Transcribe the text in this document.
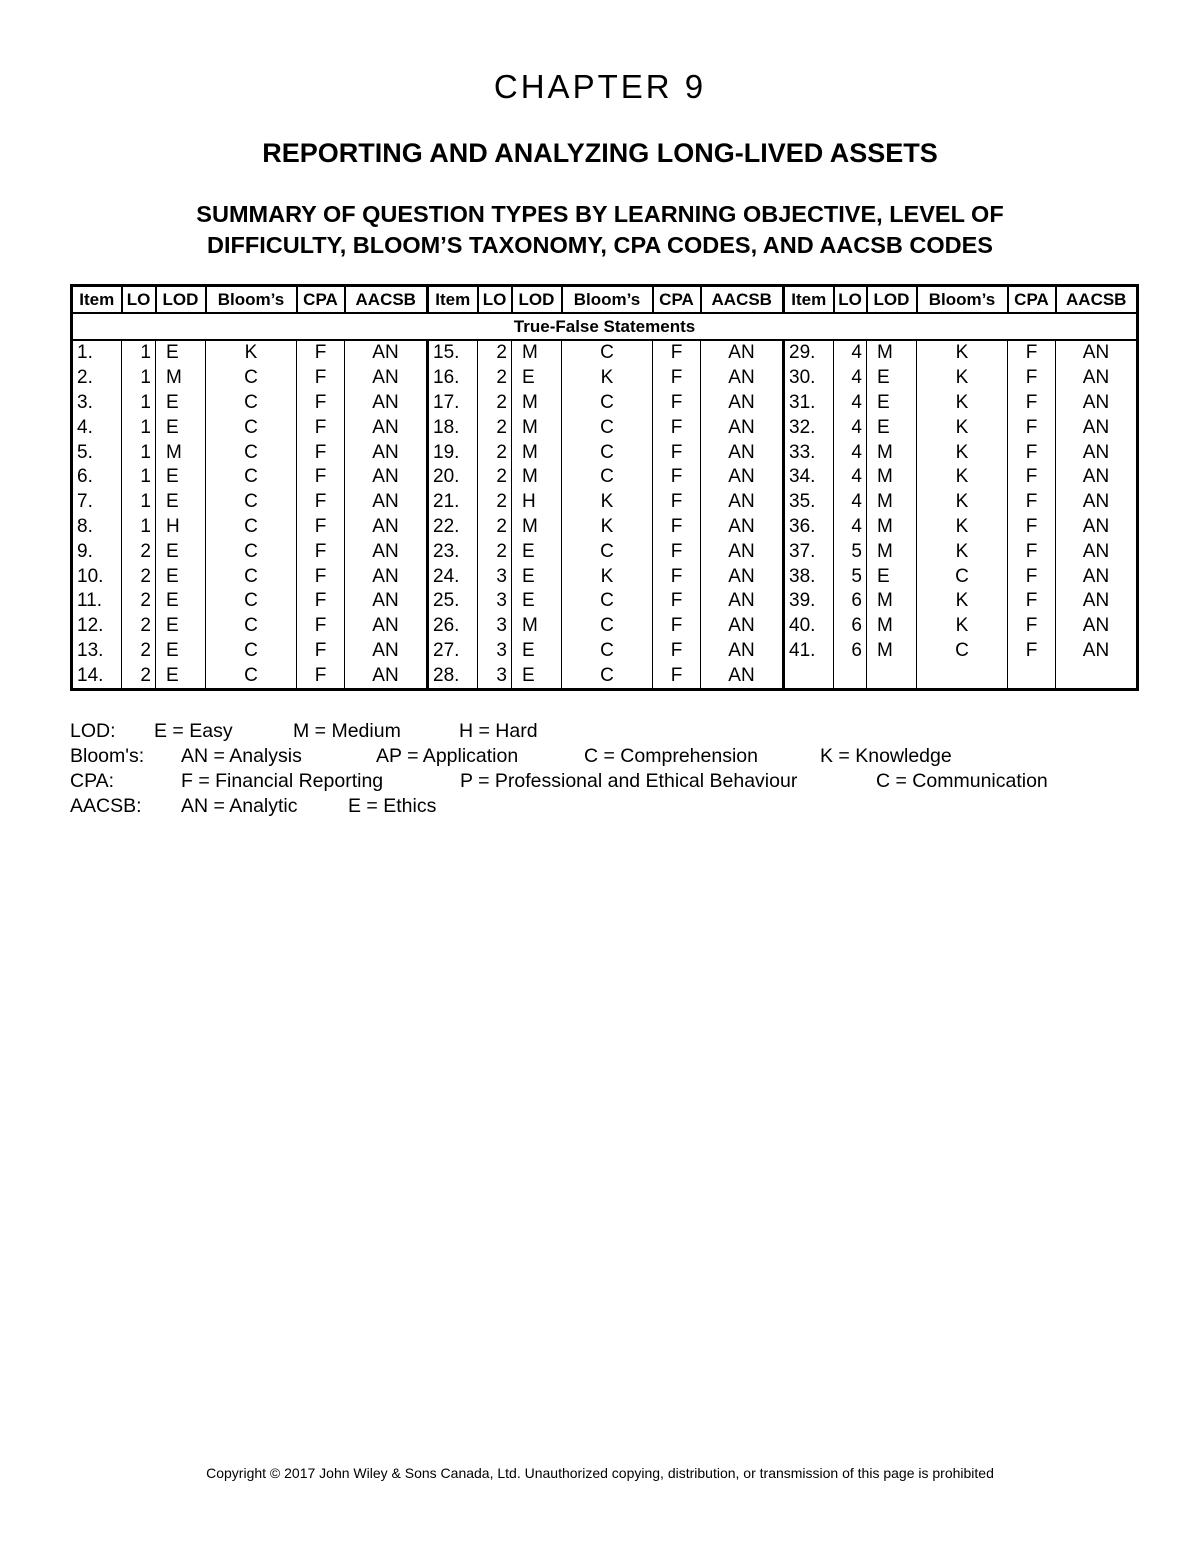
CHAPTER 9
REPORTING AND ANALYZING LONG-LIVED ASSETS
SUMMARY OF QUESTION TYPES BY LEARNING OBJECTIVE, LEVEL OF
DIFFICULTY, BLOOM’S TAXONOMY, CPA CODES, AND AACSB CODES
Item	LO	LOD	Bloom’s	CPA	AACSB	Item	LO	LOD	Bloom’s	CPA	AACSB	Item	LO	LOD	Bloom’s	CPA	AACSB
True-False Statements																	
1.	1	E	K	F	AN	15.	2	M	C	F	AN	29.	4	M	K	F	AN
2.	1	M	C	F	AN	16.	2	E	K	F	AN	30.	4	E	K	F	AN
3.	1	E	C	F	AN	17.	2	M	C	F	AN	31.	4	E	K	F	AN
4.	1	E	C	F	AN	18.	2	M	C	F	AN	32.	4	E	K	F	AN
5.	1	M	C	F	AN	19.	2	M	C	F	AN	33.	4	M	K	F	AN
6.	1	E	C	F	AN	20.	2	M	C	F	AN	34.	4	M	K	F	AN
7.	1	E	C	F	AN	21.	2	H	K	F	AN	35.	4	M	K	F	AN
8.	1	H	C	F	AN	22.	2	M	K	F	AN	36.	4	M	K	F	AN
9.	2	E	C	F	AN	23.	2	E	C	F	AN	37.	5	M	K	F	AN
10.	2	E	C	F	AN	24.	3	E	K	F	AN	38.	5	E	C	F	AN
11.	2	E	C	F	AN	25.	3	E	C	F	AN	39.	6	M	K	F	AN
12.	2	E	C	F	AN	26.	3	M	C	F	AN	40.	6	M	K	F	AN
13.	2	E	C	F	AN	27.	3	E	C	F	AN	41.	6	M	C	F	AN
14.	2	E	C	F	AN	28.	3	E	C	F	AN						
LOD: E = Easy	M = Medium	H = Hard
Bloom's: AN = Analysis	AP = Application	C = Comprehension	K = Knowledge
CPA:	F = Financial Reporting	P = Professional and Ethical Behaviour	C = Communication
AACSB: AN = Analytic	E = Ethics
Copyright © 2017 John Wiley & Sons Canada, Ltd. Unauthorized copying, distribution, or transmission of this page is prohibited
